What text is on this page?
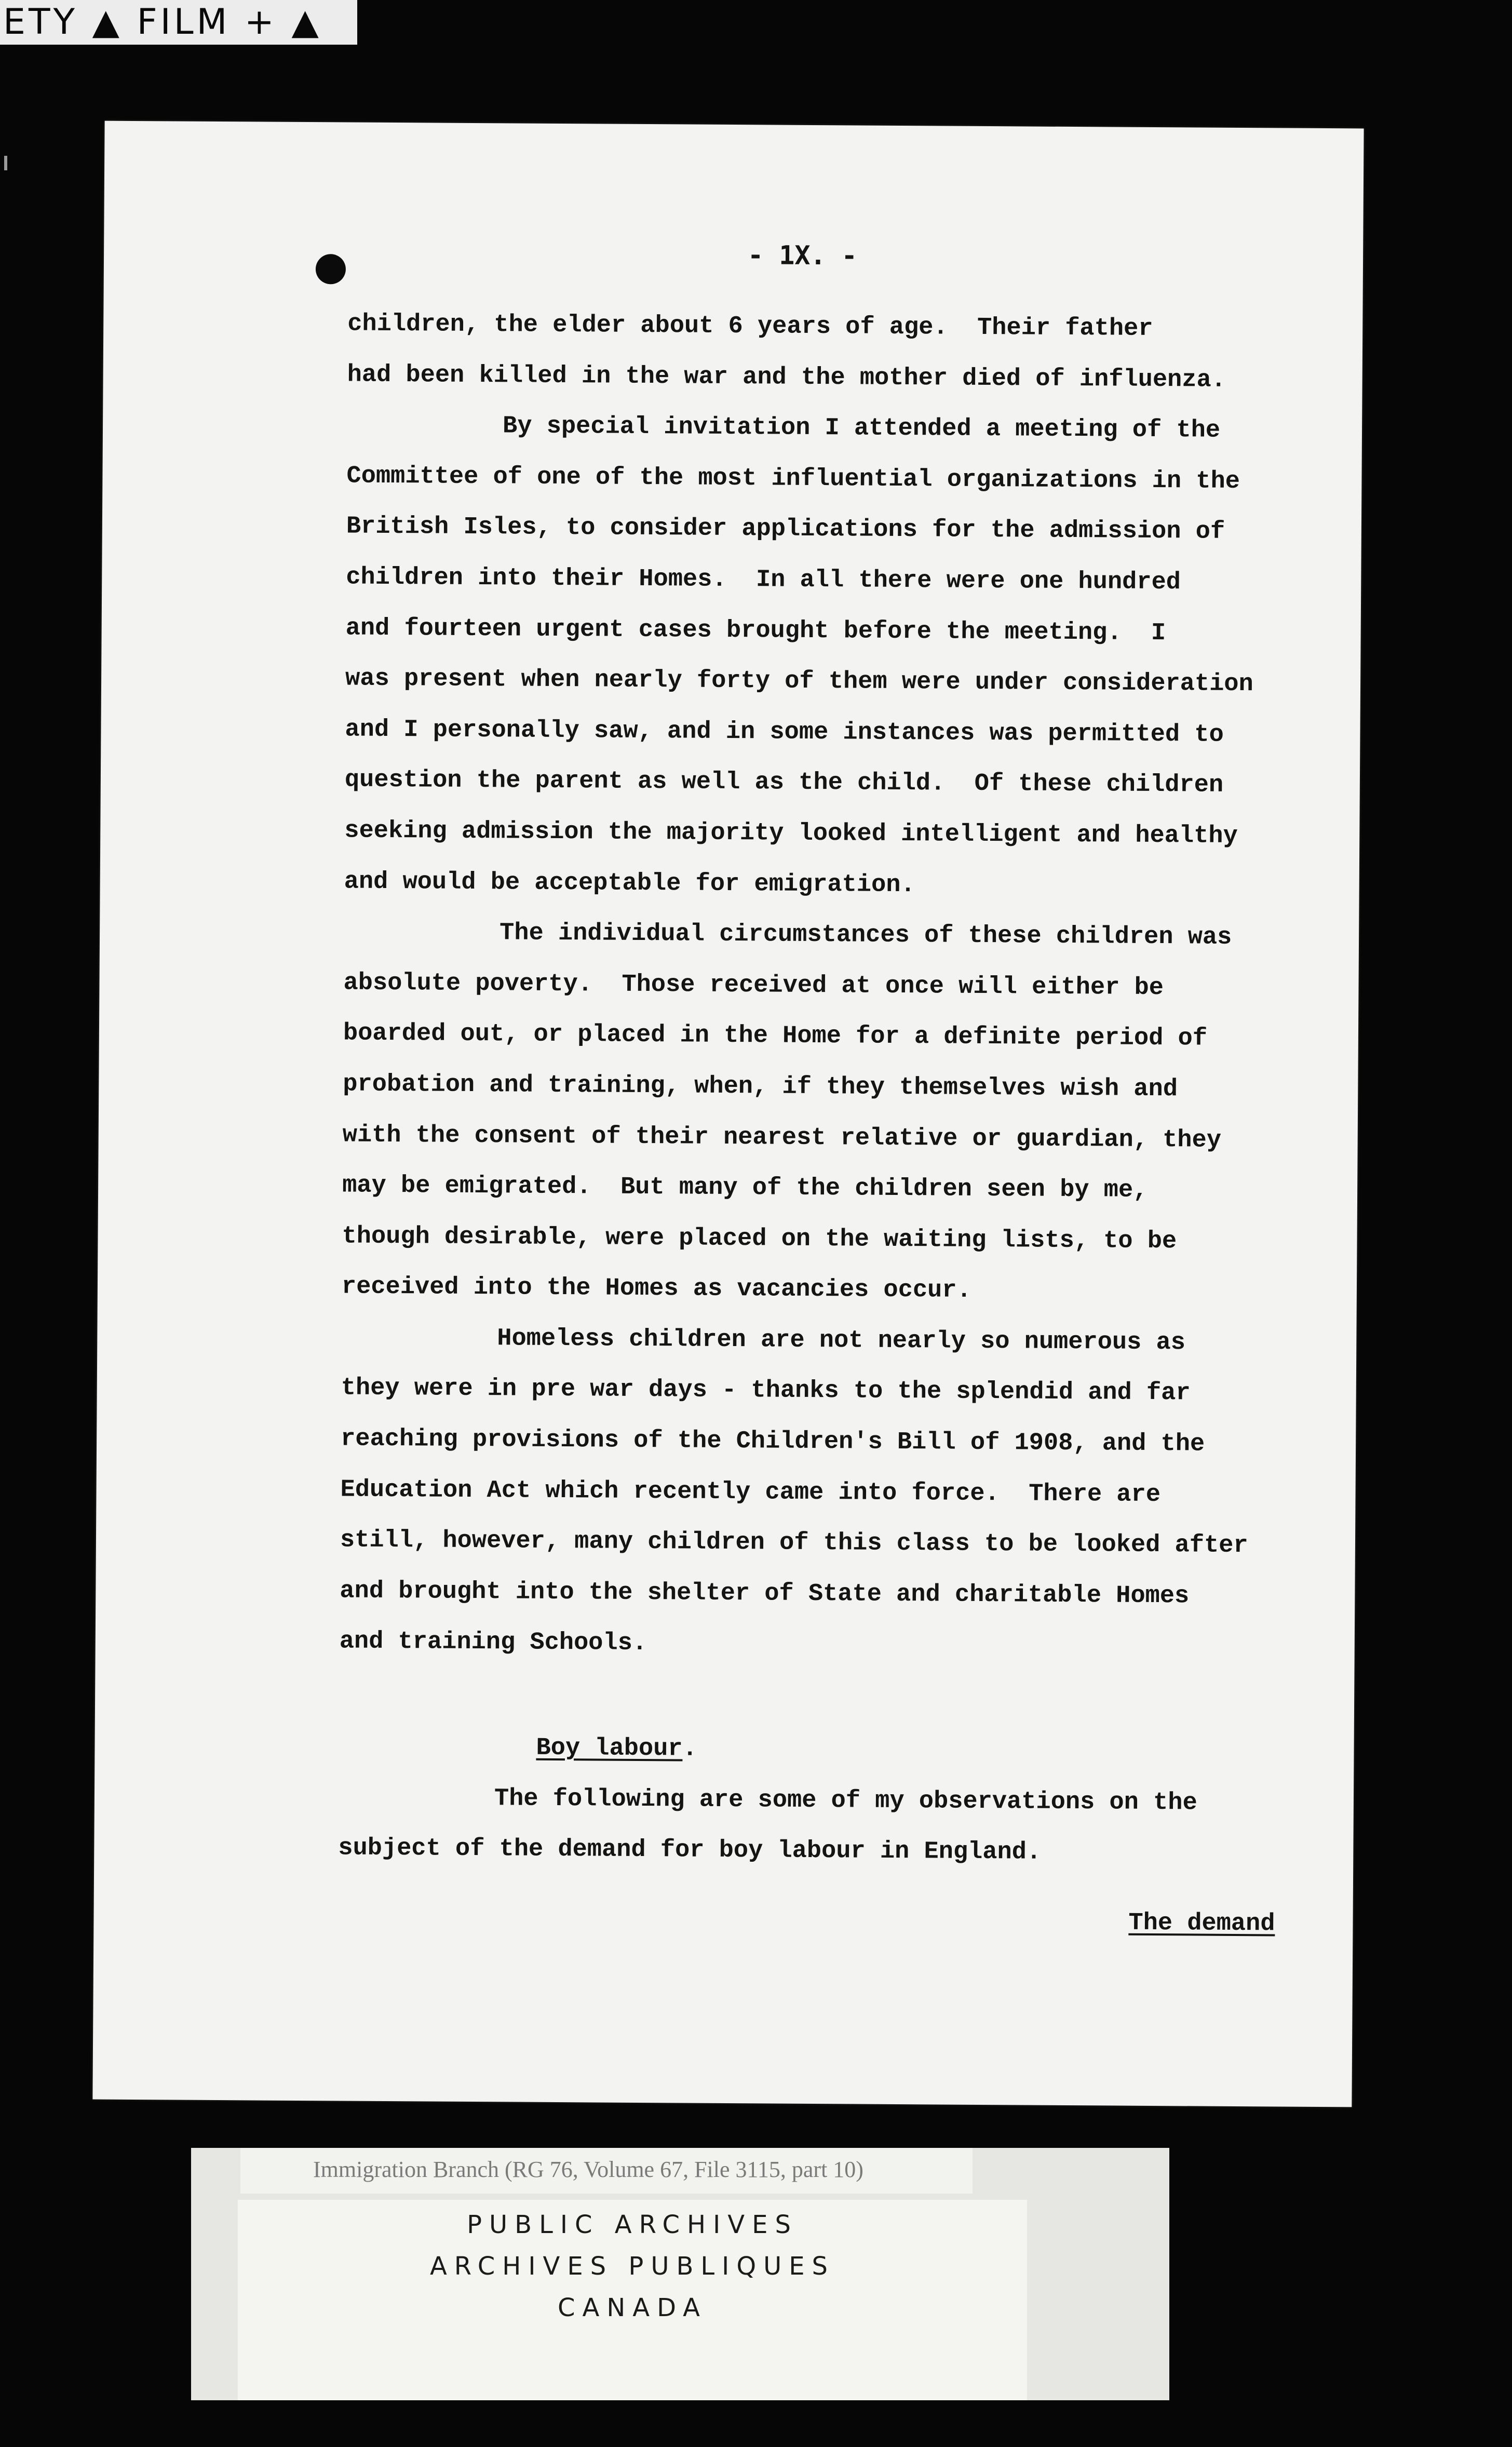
ETY ▲ FILM + ▲
- 1X. -
children, the elder about 6 years of age.  Their father
had been killed in the war and the mother died of influenza.
By special invitation I attended a meeting of the
Committee of one of the most influential organizations in the
British Isles, to consider applications for the admission of
children into their Homes.  In all there were one hundred
and fourteen urgent cases brought before the meeting.  I
was present when nearly forty of them were under consideration
and I personally saw, and in some instances was permitted to
question the parent as well as the child.  Of these children
seeking admission the majority looked intelligent and healthy
and would be acceptable for emigration.
The individual circumstances of these children was
absolute poverty.  Those received at once will either be
boarded out, or placed in the Home for a definite period of
probation and training, when, if they themselves wish and
with the consent of their nearest relative or guardian, they
may be emigrated.  But many of the children seen by me,
though desirable, were placed on the waiting lists, to be
received into the Homes as vacancies occur.
Homeless children are not nearly so numerous as
they were in pre war days - thanks to the splendid and far
reaching provisions of the Children's Bill of 1908, and the
Education Act which recently came into force.  There are
still, however, many children of this class to be looked after
and brought into the shelter of State and charitable Homes
and training Schools.
Boy labour.
The following are some of my observations on the
subject of the demand for boy labour in England.
The demand
Immigration Branch (RG 76, Volume 67, File 3115, part 10)
PUBLIC ARCHIVES
ARCHIVES PUBLIQUES
CANADA
